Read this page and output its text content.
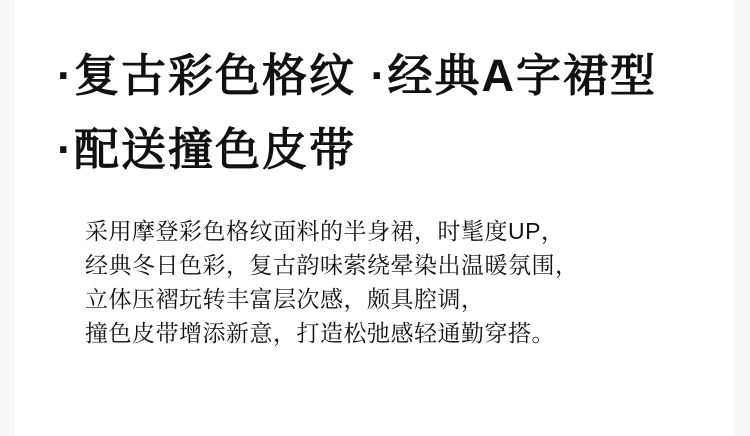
·复古彩色格纹 ·经典A字裙型
·配送撞色皮带
采用摩登彩色格纹面料的半身裙，时髦度UP，
经典冬日色彩，复古韵味萦绕晕染出温暖氛围，
立体压褶玩转丰富层次感，颇具腔调，
撞色皮带增添新意，打造松弛感轻通勤穿搭。
